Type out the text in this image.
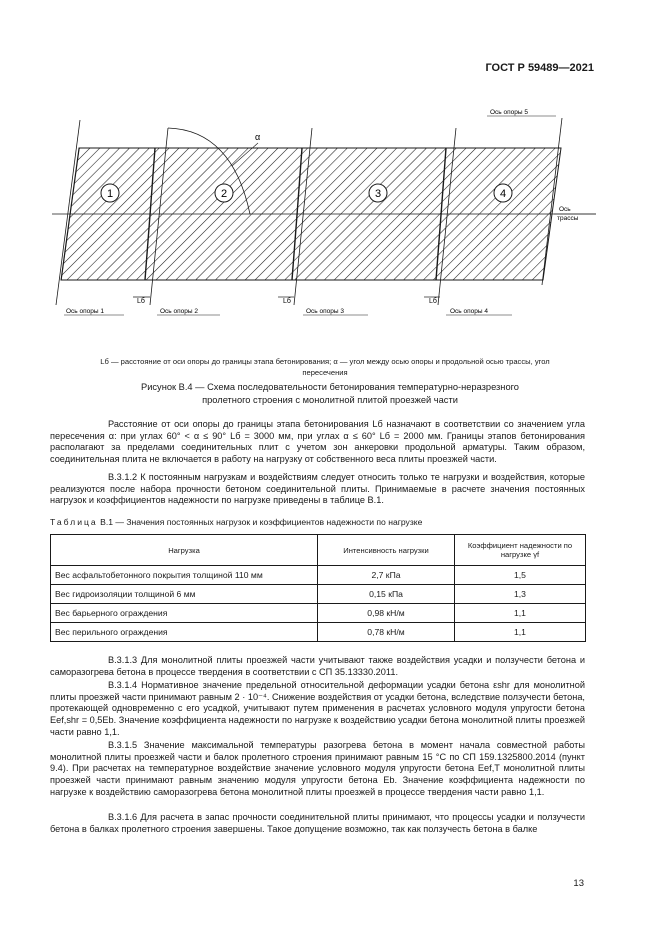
ГОСТ Р 59489—2021
1	2	3	4
α
Ось опоры 5
Ось
трассы
Lб	Lб	Lб
Ось опоры 1	Ось опоры 2	Ось опоры 3	Ось опоры 4
Lб — расстояние от оси опоры до границы этапа бетонирования; α — угол между осью опоры и продольной осью трассы, угол
пересечения
Рисунок В.4 — Схема последовательности бетонирования температурно-неразрезного
пролетного строения с монолитной плитой проезжей части

Расстояние от оси опоры до границы этапа бетонирования Lб назначают в соответствии со значением угла пересечения α: при углах 60° < α ≤ 90° Lб = 3000 мм, при углах α ≤ 60° Lб = 2000 мм. Границы этапов бетонирования располагают за пределами соединительных плит с учетом зон анкеровки продольной арматуры. Таким образом, соединительная плита не включается в работу на нагрузку от собственного веса плиты проезжей части.

В.3.1.2 К постоянным нагрузкам и воздействиям следует относить только те нагрузки и воздействия, которые реализуются после набора прочности бетоном соединительной плиты. Принимаемые в расчете значения постоянных нагрузок и коэффициентов надежности по нагрузке приведены в таблице В.1.

Таблица В.1 — Значения постоянных нагрузок и коэффициентов надежности по нагрузке
Нагрузка	Интенсивность нагрузки	Коэффициент надежности по нагрузке γf
Вес асфальтобетонного покрытия толщиной 110 мм	2,7 кПа	1,5
Вес гидроизоляции толщиной 6 мм	0,15 кПа	1,3
Вес барьерного ограждения	0,98 кН/м	1,1
Вес перильного ограждения	0,78 кН/м	1,1

В.3.1.3 Для монолитной плиты проезжей части учитывают также воздействия усадки и ползучести бетона и саморазогрева бетона в процессе твердения в соответствии с СП 35.13330.2011.

В.3.1.4 Нормативное значение предельной относительной деформации усадки бетона εshr для монолитной плиты проезжей части принимают равным 2 · 10⁻⁴. Снижение воздействия от усадки бетона, вследствие ползучести бетона, протекающей одновременно с его усадкой, учитывают путем применения в расчетах условного модуля упругости бетона Eef,shr = 0,5Eb. Значение коэффициента надежности по нагрузке к воздействию усадки бетона монолитной плиты проезжей части равно 1,1.

В.3.1.5 Значение максимальной температуры разогрева бетона в момент начала совместной работы монолитной плиты проезжей части и балок пролетного строения принимают равным 15 °С по СП 159.1325800.2014 (пункт 9.4). При расчетах на температурное воздействие значение условного модуля упругости бетона Eef,T монолитной плиты проезжей части принимают равным значению модуля упругости бетона Eb. Значение коэффициента надежности по нагрузке к воздействию саморазогрева бетона монолитной плиты проезжей в процессе твердения части равно 1,1.

В.3.1.6 Для расчета в запас прочности соединительной плиты принимают, что процессы усадки и ползучести бетона в балках пролетного строения завершены. Такое допущение возможно, так как ползучесть бетона в балке

13
